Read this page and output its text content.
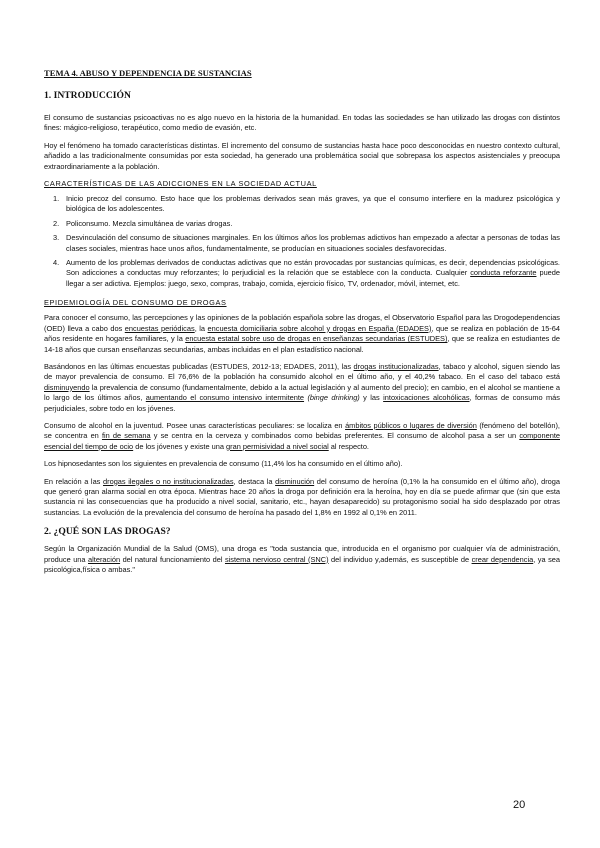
TEMA 4. ABUSO Y DEPENDENCIA DE SUSTANCIAS
1. INTRODUCCIÓN

El consumo de sustancias psicoactivas no es algo nuevo en la historia de la humanidad. En todas las sociedades se han utilizado las drogas con distintos fines: mágico-religioso, terapéutico, como medio de evasión, etc.

Hoy el fenómeno ha tomado características distintas. El incremento del consumo de sustancias hasta hace poco desconocidas en nuestro contexto cultural, añadido a las tradicionalmente consumidas por esta sociedad, ha generado una problemática social que sobrepasa los aspectos asistenciales y preocupa extraordinariamente a la población.

CARACTERÍSTICAS DE LAS ADICCIONES EN LA SOCIEDAD ACTUAL
1. Inicio precoz del consumo. Esto hace que los problemas derivados sean más graves, ya que el consumo interfiere en la madurez psicológica y biológica de los adolescentes.
2. Policonsumo. Mezcla simultánea de varias drogas.
3. Desvinculación del consumo de situaciones marginales. En los últimos años los problemas adictivos han empezado a afectar a personas de todas las clases sociales, mientras hace unos años, fundamentalmente, se producían en situaciones sociales desfavorecidas.
4. Aumento de los problemas derivados de conductas adictivas que no están provocadas por sustancias químicas, es decir, dependencias psicológicas. Son adicciones a conductas muy reforzantes; lo perjudicial es la relación que se establece con la conducta. Cualquier conducta reforzante puede llegar a ser adictiva. Ejemplos: juego, sexo, compras, trabajo, comida, ejercicio físico, TV, ordenador, móvil, internet, etc.
EPIDEMIOLOGÍA DEL CONSUMO DE DROGAS

Para conocer el consumo, las percepciones y las opiniones de la población española sobre las drogas, el Observatorio Español para las Drogodependencias (OED) lleva a cabo dos encuestas periódicas, la encuesta domiciliaria sobre alcohol y drogas en España (EDADES), que se realiza en población de 15-64 años residente en hogares familiares, y la encuesta estatal sobre uso de drogas en enseñanzas secundarias (ESTUDES), que se realiza en estudiantes de 14-18 años que cursan enseñanzas secundarias, ambas incluidas en el plan estadístico nacional.

Basándonos en las últimas encuestas publicadas (ESTUDES, 2012-13; EDADES, 2011), las drogas institucionalizadas, tabaco y alcohol, siguen siendo las de mayor prevalencia de consumo. El 76,6% de la población ha consumido alcohol en el último año, y el 40,2% tabaco. En el caso del tabaco está disminuyendo la prevalencia de consumo (fundamentalmente, debido a la actual legislación y al aumento del precio); en cambio, en el alcohol se mantiene a lo largo de los últimos años, aumentando el consumo intensivo intermitente (binge drinking) y las intoxicaciones alcohólicas, formas de consumo más perjudiciales, sobre todo en los jóvenes.

Consumo de alcohol en la juventud. Posee unas características peculiares: se localiza en ámbitos públicos o lugares de diversión (fenómeno del botellón), se concentra en fin de semana y se centra en la cerveza y combinados como bebidas preferentes. El consumo de alcohol pasa a ser un componente esencial del tiempo de ocio de los jóvenes y existe una gran permisividad a nivel social al respecto.

Los hipnosedantes son los siguientes en prevalencia de consumo (11,4% los ha consumido en el último año).

En relación a las drogas ilegales o no institucionalizadas, destaca la disminución del consumo de heroína (0,1% la ha consumido en el último año), droga que generó gran alarma social en otra época. Mientras hace 20 años la droga por definición era la heroína, hoy en día se puede afirmar que (sin que esta sustancia ni las consecuencias que ha producido a nivel social, sanitario, etc., hayan desaparecido) su protagonismo social ha sido desplazado por otras sustancias. La evolución de la prevalencia del consumo de heroína ha pasado del 1,8% en 1992 al 0,1% en 2011.

2. ¿QUÉ SON LAS DROGAS?

Según la Organización Mundial de la Salud (OMS), una droga es "toda sustancia que, introducida en el organismo por cualquier vía de administración, produce una alteración del natural funcionamiento del sistema nervioso central (SNC) del individuo y,además, es susceptible de crear dependencia, ya sea psicológica,física o ambas."

20
